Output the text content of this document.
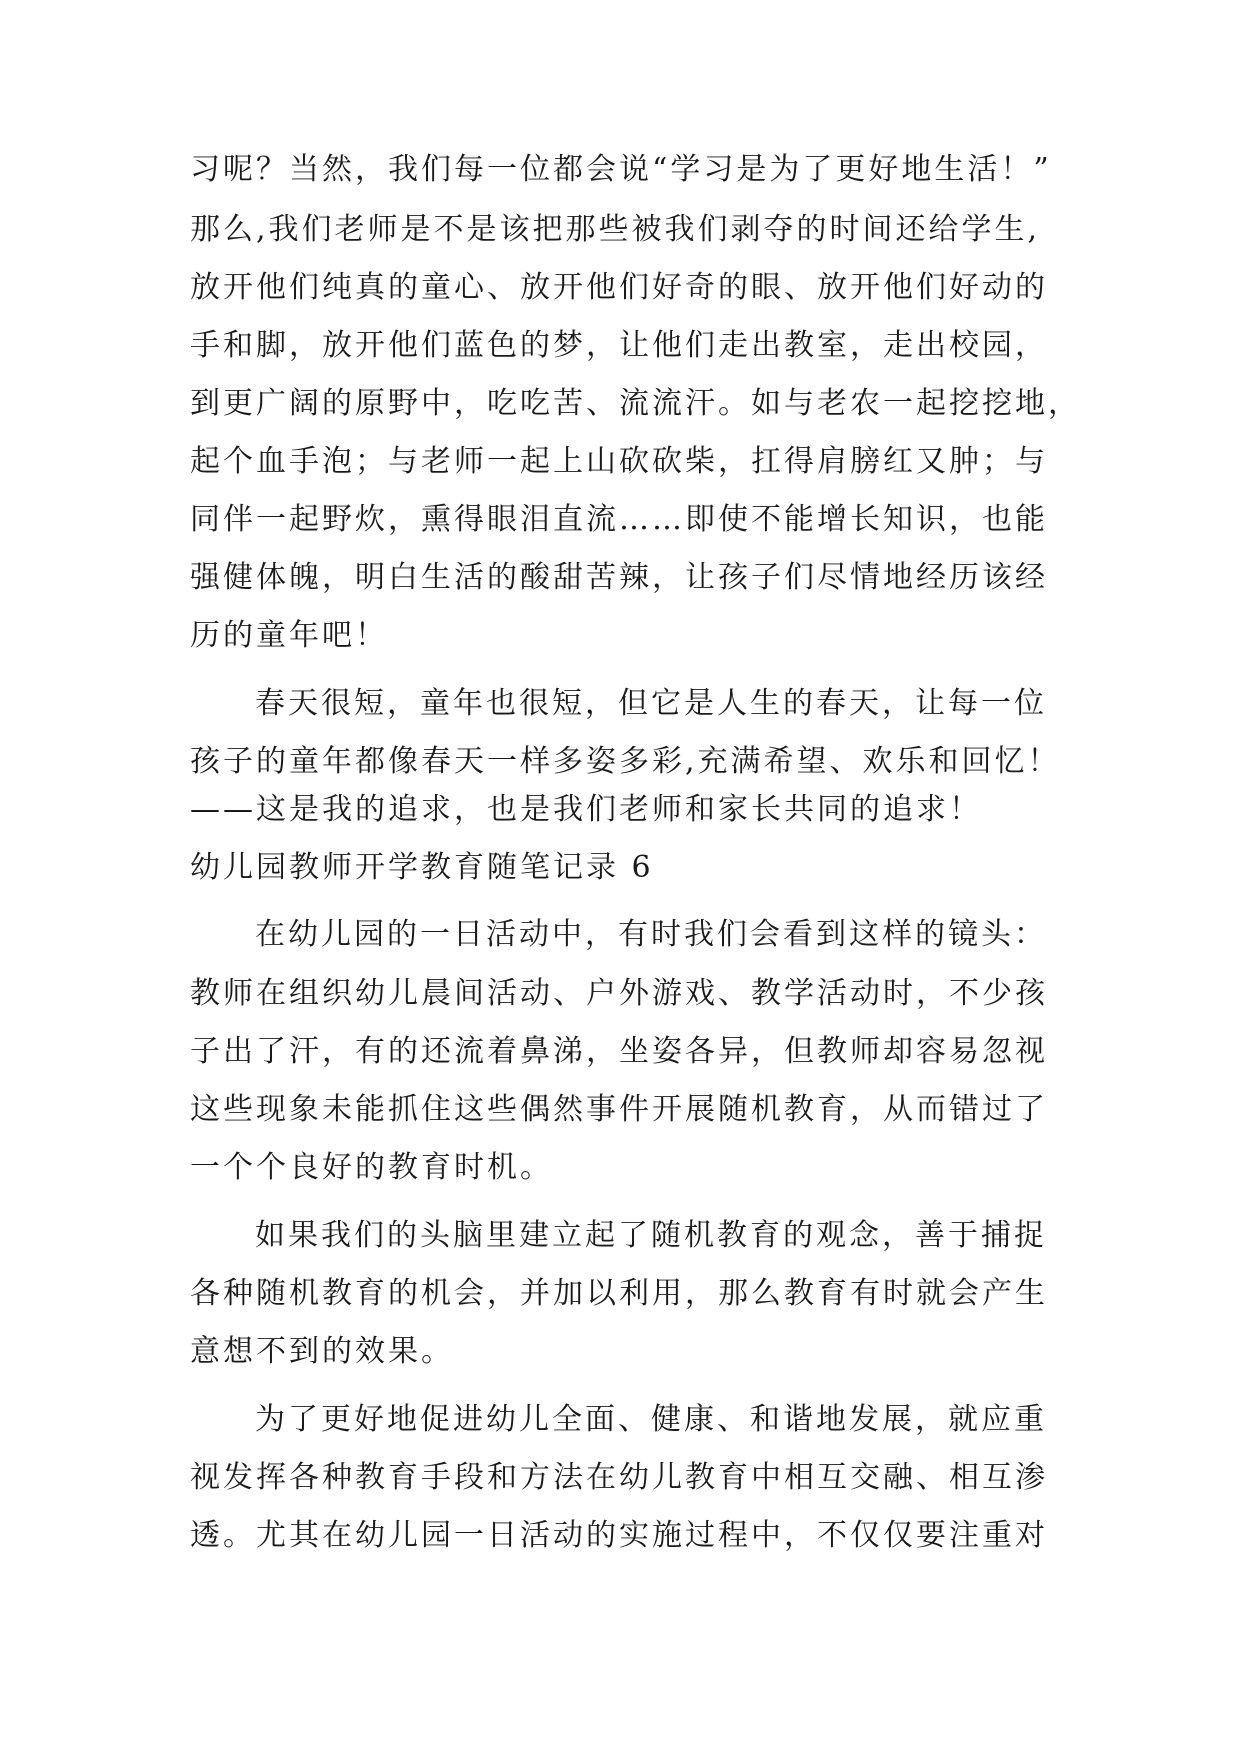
习呢？当然，我们每一位都会说“学习是为了更好地生活！”
那么,我们老师是不是该把那些被我们剥夺的时间还给学生,
放开他们纯真的童心、放开他们好奇的眼、放开他们好动的
手和脚，放开他们蓝色的梦，让他们走出教室，走出校园，
到更广阔的原野中，吃吃苦、流流汗。如与老农一起挖挖地，
起个血手泡；与老师一起上山砍砍柴，扛得肩膀红又肿；与
同伴一起野炊，熏得眼泪直流……即使不能增长知识，也能
强健体魄，明白生活的酸甜苦辣，让孩子们尽情地经历该经
历的童年吧！
春天很短，童年也很短，但它是人生的春天，让每一位
孩子的童年都像春天一样多姿多彩,充满希望、欢乐和回忆！
——这是我的追求，也是我们老师和家长共同的追求！
幼儿园教师开学教育随笔记录 6
在幼儿园的一日活动中，有时我们会看到这样的镜头：
教师在组织幼儿晨间活动、户外游戏、教学活动时，不少孩
子出了汗，有的还流着鼻涕，坐姿各异，但教师却容易忽视
这些现象未能抓住这些偶然事件开展随机教育，从而错过了
一个个良好的教育时机。
如果我们的头脑里建立起了随机教育的观念，善于捕捉
各种随机教育的机会，并加以利用，那么教育有时就会产生
意想不到的效果。
为了更好地促进幼儿全面、健康、和谐地发展，就应重
视发挥各种教育手段和方法在幼儿教育中相互交融、相互渗
透。尤其在幼儿园一日活动的实施过程中，不仅仅要注重对
